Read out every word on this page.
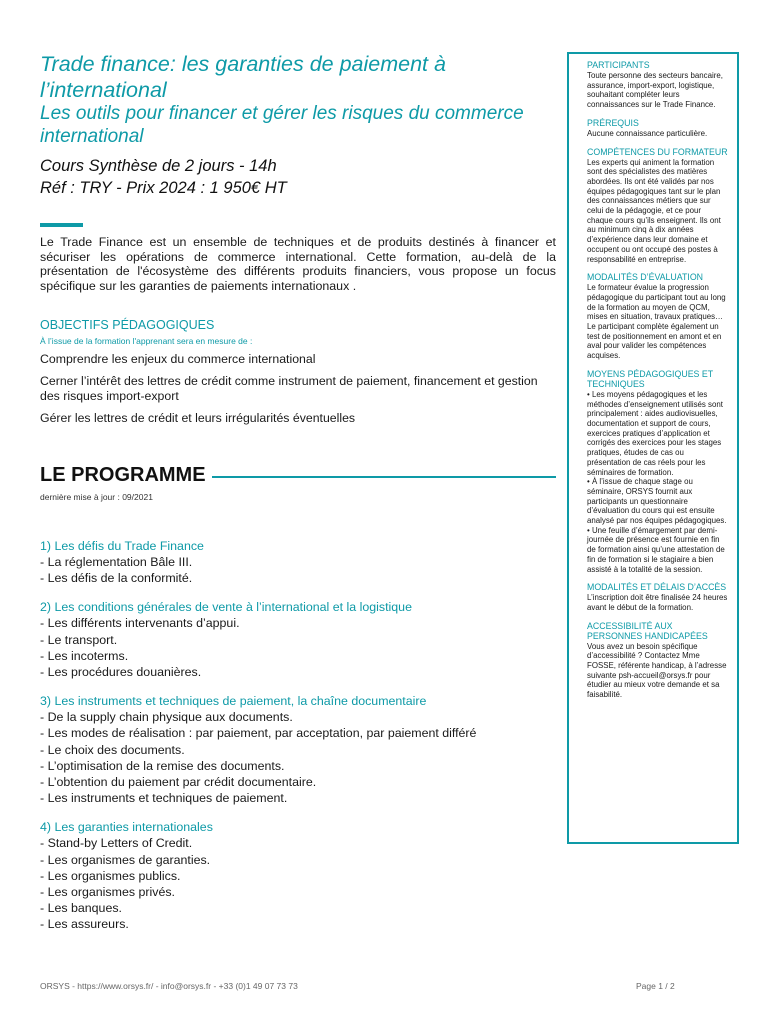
Trade finance: les garanties de paiement à l’international
Les outils pour financer et gérer les risques du commerce international
Cours Synthèse de 2 jours - 14h
Réf : TRY - Prix 2024 : 1 950€ HT

Le Trade Finance est un ensemble de techniques et de produits destinés à financer et sécuriser les opérations de commerce international. Cette formation, au-delà de la présentation de l'écosystème des différents produits financiers, vous propose un focus spécifique sur les garanties de paiements internationaux .

OBJECTIFS PÉDAGOGIQUES
À l’issue de la formation l'apprenant sera en mesure de :
Comprendre les enjeux du commerce international
Cerner l’intérêt des lettres de crédit comme instrument de paiement, financement et gestion des risques import-export
Gérer les lettres de crédit et leurs irrégularités éventuelles
LE PROGRAMME
dernière mise à jour : 09/2021
1) Les défis du Trade Finance
- La réglementation Bâle III.
- Les défis de la conformité.
2) Les conditions générales de vente à l’international et la logistique
- Les différents intervenants d’appui.
- Le transport.
- Les incoterms.
- Les procédures douanières.
3) Les instruments et techniques de paiement, la chaîne documentaire
- De la supply chain physique aux documents.
- Les modes de réalisation : par paiement, par acceptation, par paiement différé
- Le choix des documents.
- L’optimisation de la remise des documents.
- L’obtention du paiement par crédit documentaire.
- Les instruments et techniques de paiement.
4) Les garanties internationales
- Stand-by Letters of Credit.
- Les organismes de garanties.
- Les organismes publics.
- Les organismes privés.
- Les banques.
- Les assureurs.
PARTICIPANTS
Toute personne des secteurs bancaire, assurance, import-export, logistique, souhaitant compléter leurs connaissances sur le Trade Finance.
PRÉREQUIS
Aucune connaissance particulière.
COMPÉTENCES DU FORMATEUR
Les experts qui animent la formation sont des spécialistes des matières abordées. Ils ont été validés par nos équipes pédagogiques tant sur le plan des connaissances métiers que sur celui de la pédagogie, et ce pour chaque cours qu’ils enseignent. Ils ont au minimum cinq à dix années d’expérience dans leur domaine et occupent ou ont occupé des postes à responsabilité en entreprise.
MODALITÉS D’ÉVALUATION
Le formateur évalue la progression pédagogique du participant tout au long de la formation au moyen de QCM, mises en situation, travaux pratiques…
Le participant complète également un test de positionnement en amont et en aval pour valider les compétences acquises.
MOYENS PÉDAGOGIQUES ET TECHNIQUES
• Les moyens pédagogiques et les méthodes d’enseignement utilisés sont principalement : aides audiovisuelles, documentation et support de cours, exercices pratiques d’application et corrigés des exercices pour les stages pratiques, études de cas ou présentation de cas réels pour les séminaires de formation.
• À l’issue de chaque stage ou séminaire, ORSYS fournit aux participants un questionnaire d’évaluation du cours qui est ensuite analysé par nos équipes pédagogiques.
• Une feuille d’émargement par demi-journée de présence est fournie en fin de formation ainsi qu’une attestation de fin de formation si le stagiaire a bien assisté à la totalité de la session.
MODALITÉS ET DÉLAIS D’ACCÈS
L’inscription doit être finalisée 24 heures avant le début de la formation.
ACCESSIBILITÉ AUX PERSONNES HANDICAPÉES
Vous avez un besoin spécifique d’accessibilité ? Contactez Mme FOSSE, référente handicap, à l’adresse suivante psh-accueil@orsys.fr pour étudier au mieux votre demande et sa faisabilité.
ORSYS - https://www.orsys.fr/ - info@orsys.fr - +33 (0)1 49 07 73 73	Page 1 / 2
